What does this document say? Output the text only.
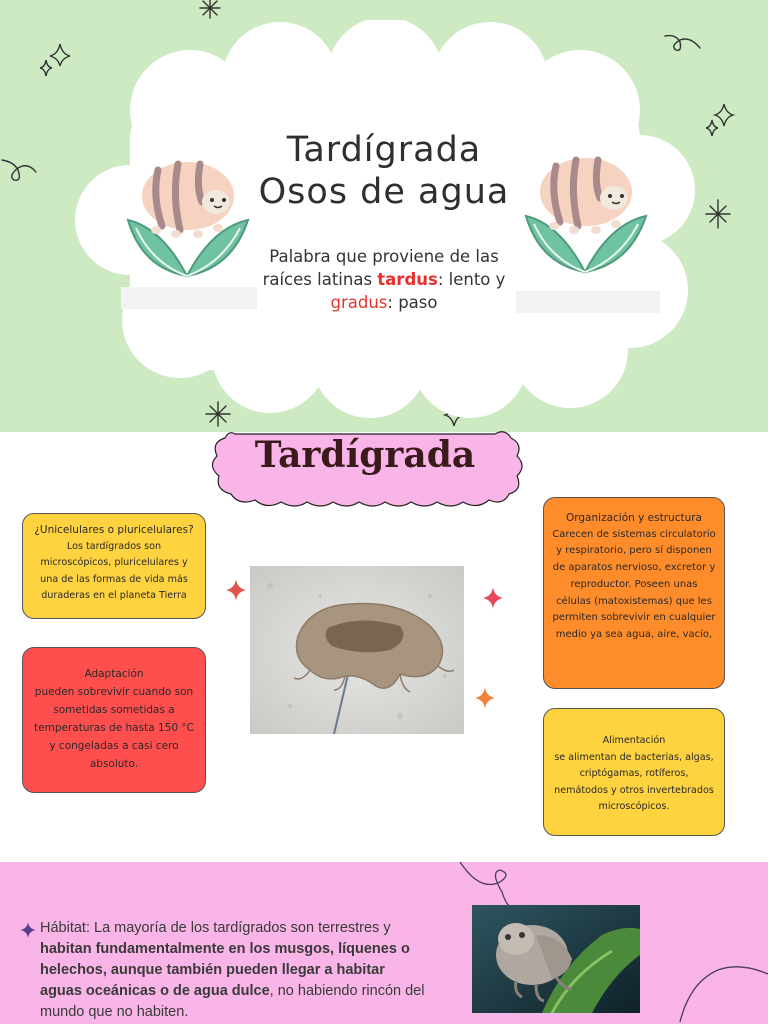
Tardígrada
Osos de agua
Palabra que proviene de las raíces latinas tardus: lento y gradus: paso
Tardígrada
¿Unicelulares o pluricelulares?
Los tardígrados son microscópicos, pluricelulares y una de las formas de vida más duraderas en el planeta Tierra
Adaptación
pueden sobrevivir cuando son sometidas sometidas a temperaturas de hasta 150 °C y congeladas a casi cero absoluto.
Organización y estructura
Carecen de sistemas circulatorio y respiratorio, pero sí disponen de aparatos nervioso, excretor y reproductor. Poseen unas células (matoxistemas) que les permiten sobrevivir en cualquier medio ya sea agua, aire, vacío,
Alimentación
se alimentan de bacterias, algas, criptógamas, rotíferos, nemátodos y otros invertebrados microscópicos.
Hábitat: La mayoría de los tardígrados son terrestres y habitan fundamentalmente en los musgos, líquenes o helechos, aunque también pueden llegar a habitar aguas oceánicas o de agua dulce, no habiendo rincón del mundo que no habiten.
